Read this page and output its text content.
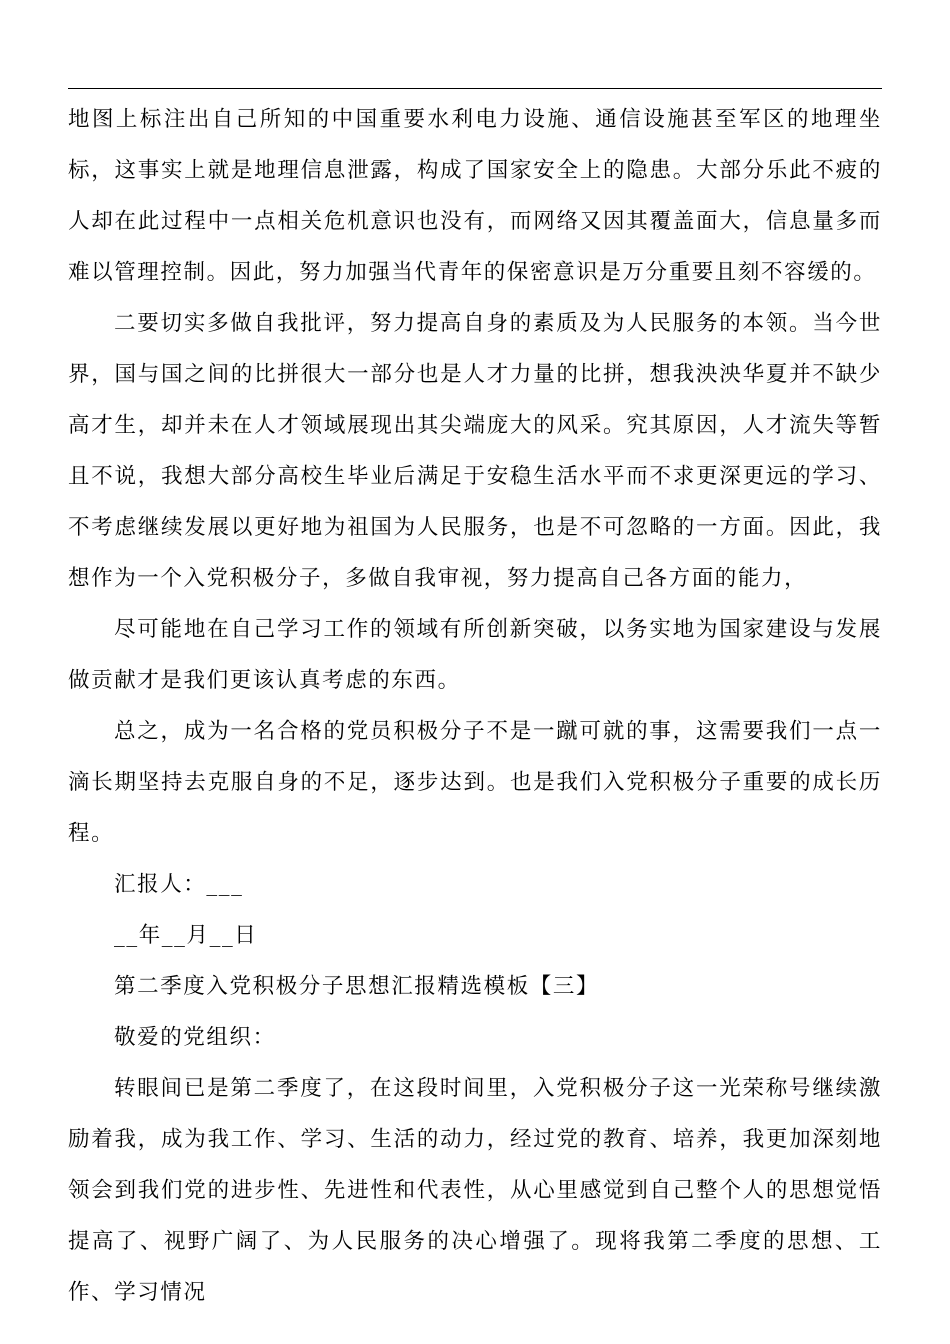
地图上标注出自己所知的中国重要水利电力设施、通信设施甚至军区的地理坐标，这事实上就是地理信息泄露，构成了国家安全上的隐患。大部分乐此不疲的人却在此过程中一点相关危机意识也没有，而网络又因其覆盖面大，信息量多而难以管理控制。因此，努力加强当代青年的保密意识是万分重要且刻不容缓的。

二要切实多做自我批评，努力提高自身的素质及为人民服务的本领。当今世界，国与国之间的比拼很大一部分也是人才力量的比拼，想我泱泱华夏并不缺少高才生，却并未在人才领域展现出其尖端庞大的风采。究其原因，人才流失等暂且不说，我想大部分高校生毕业后满足于安稳生活水平而不求更深更远的学习、不考虑继续发展以更好地为祖国为人民服务，也是不可忽略的一方面。因此，我想作为一个入党积极分子，多做自我审视，努力提高自己各方面的能力，

尽可能地在自己学习工作的领域有所创新突破，以务实地为国家建设与发展做贡献才是我们更该认真考虑的东西。

总之，成为一名合格的党员积极分子不是一蹴可就的事，这需要我们一点一滴长期坚持去克服自身的不足，逐步达到。也是我们入党积极分子重要的成长历程。

汇报人：___

__年__月__日

第二季度入党积极分子思想汇报精选模板【三】

敬爱的党组织：

转眼间已是第二季度了，在这段时间里，入党积极分子这一光荣称号继续激励着我，成为我工作、学习、生活的动力，经过党的教育、培养，我更加深刻地领会到我们党的进步性、先进性和代表性，从心里感觉到自己整个人的思想觉悟提高了、视野广阔了、为人民服务的决心增强了。现将我第二季度的思想、工作、学习情况
